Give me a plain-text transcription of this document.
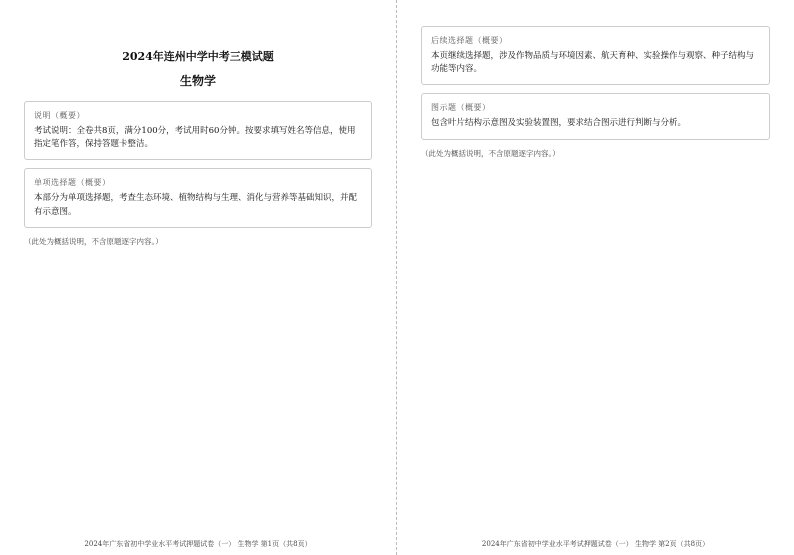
2024年连州中学中考三模试题
生物学
说明（概要）
考试说明：全卷共8页，满分100分，考试用时60分钟。按要求填写姓名等信息，使用指定笔作答，保持答题卡整洁。
单项选择题（概要）
本部分为单项选择题，考查生态环境、植物结构与生理、消化与营养等基础知识，并配有示意图。
（此处为概括说明，不含原题逐字内容。）
2024年广东省初中学业水平考试押题试卷（一） 生物学 第1页（共8页）
后续选择题（概要）
本页继续选择题，涉及作物品质与环境因素、航天育种、实验操作与观察、种子结构与功能等内容。
图示题（概要）
包含叶片结构示意图及实验装置图，要求结合图示进行判断与分析。
（此处为概括说明，不含原题逐字内容。）
2024年广东省初中学业水平考试押题试卷（一） 生物学 第2页（共8页）
